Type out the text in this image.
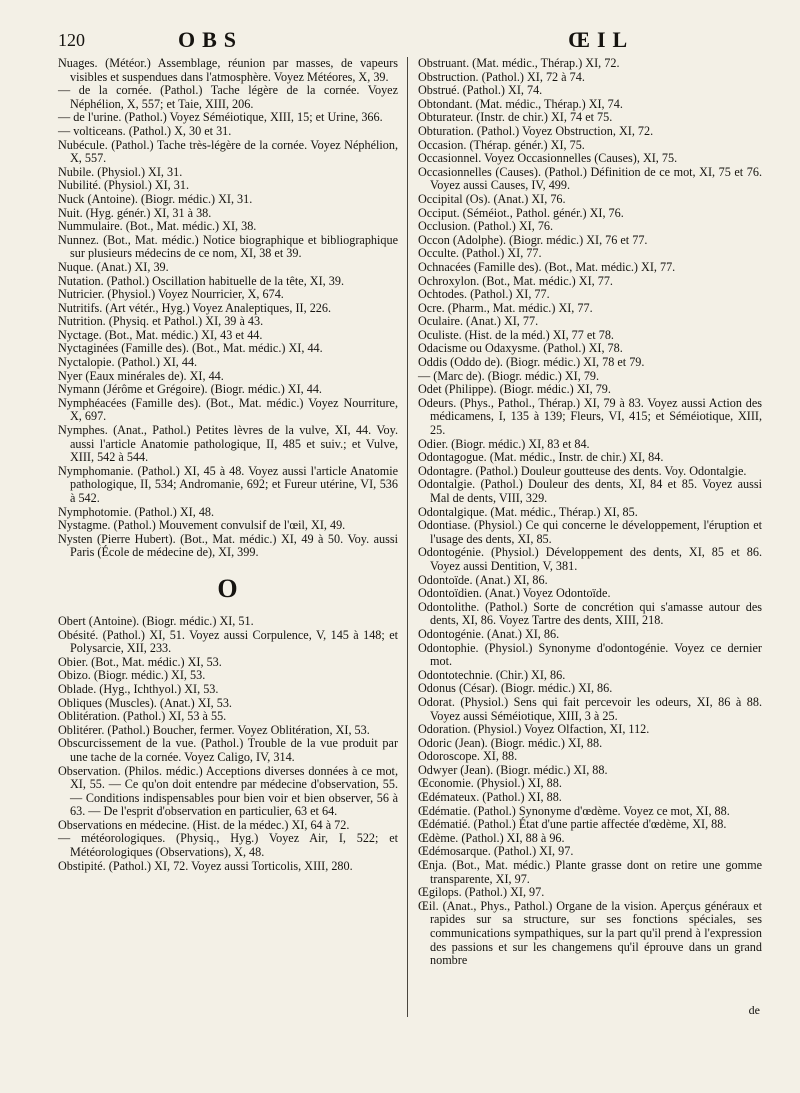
120	OBS	ŒIL

Nuages. (Météor.) Assemblage, réunion par masses, de vapeurs visibles et suspendues dans l'atmosphère. Voyez Météores, X, 39.

— de la cornée. (Pathol.) Tache légère de la cornée. Voyez Néphélion, X, 557; et Taie, XIII, 206.

— de l'urine. (Pathol.) Voyez Séméiotique, XIII, 15; et Urine, 366.

— volticeans. (Pathol.) X, 30 et 31.

Nubécule. (Pathol.) Tache très-légère de la cornée. Voyez Néphélion, X, 557.

Nubile. (Physiol.) XI, 31.

Nubilité. (Physiol.) XI, 31.

Nuck (Antoine). (Biogr. médic.) XI, 31.

Nuit. (Hyg. génér.) XI, 31 à 38.

Nummulaire. (Bot., Mat. médic.) XI, 38.

Nunnez. (Bot., Mat. médic.) Notice biographique et bibliographique sur plusieurs médecins de ce nom, XI, 38 et 39.

Nuque. (Anat.) XI, 39.

Nutation. (Pathol.) Oscillation habituelle de la tête, XI, 39.

Nutricier. (Physiol.) Voyez Nourricier, X, 674.

Nutritifs. (Art vétér., Hyg.) Voyez Analeptiques, II, 226.

Nutrition. (Physiq. et Pathol.) XI, 39 à 43.

Nyctage. (Bot., Mat. médic.) XI, 43 et 44.

Nyctaginées (Famille des). (Bot., Mat. médic.) XI, 44.

Nyctalopie. (Pathol.) XI, 44.

Nyer (Eaux minérales de). XI, 44.

Nymann (Jérôme et Grégoire). (Biogr. médic.) XI, 44.

Nymphéacées (Famille des). (Bot., Mat. médic.) Voyez Nourriture, X, 697.

Nymphes. (Anat., Pathol.) Petites lèvres de la vulve, XI, 44. Voy. aussi l'article Anatomie pathologique, II, 485 et suiv.; et Vulve, XIII, 542 à 544.

Nymphomanie. (Pathol.) XI, 45 à 48. Voyez aussi l'article Anatomie pathologique, II, 534; Andromanie, 692; et Fureur utérine, VI, 536 à 542.

Nymphotomie. (Pathol.) XI, 48.

Nystagme. (Pathol.) Mouvement convulsif de l'œil, XI, 49.

Nysten (Pierre Hubert). (Bot., Mat. médic.) XI, 49 à 50. Voy. aussi Paris (École de médecine de), XI, 399.

O

Obert (Antoine). (Biogr. médic.) XI, 51.

Obésité. (Pathol.) XI, 51. Voyez aussi Corpulence, V, 145 à 148; et Polysarcie, XII, 233.

Obier. (Bot., Mat. médic.) XI, 53.

Obizo. (Biogr. médic.) XI, 53.

Oblade. (Hyg., Ichthyol.) XI, 53.

Obliques (Muscles). (Anat.) XI, 53.

Oblitération. (Pathol.) XI, 53 à 55.

Oblitérer. (Pathol.) Boucher, fermer. Voyez Oblitération, XI, 53.

Obscurcissement de la vue. (Pathol.) Trouble de la vue produit par une tache de la cornée. Voyez Caligo, IV, 314.

Observation. (Philos. médic.) Acceptions diverses données à ce mot, XI, 55. — Ce qu'on doit entendre par médecine d'observation, 55. — Conditions indispensables pour bien voir et bien observer, 56 à 63. — De l'esprit d'observation en particulier, 63 et 64.

Observations en médecine. (Hist. de la médec.) XI, 64 à 72.

— météorologiques. (Physiq., Hyg.) Voyez Air, I, 522; et Météorologiques (Observations), X, 48.

Obstipité. (Pathol.) XI, 72. Voyez aussi Torticolis, XIII, 280.

Obstruant. (Mat. médic., Thérap.) XI, 72.

Obstruction. (Pathol.) XI, 72 à 74.

Obstrué. (Pathol.) XI, 74.

Obtondant. (Mat. médic., Thérap.) XI, 74.

Obturateur. (Instr. de chir.) XI, 74 et 75.

Obturation. (Pathol.) Voyez Obstruction, XI, 72.

Occasion. (Thérap. génér.) XI, 75.

Occasionnel. Voyez Occasionnelles (Causes), XI, 75.

Occasionnelles (Causes). (Pathol.) Définition de ce mot, XI, 75 et 76. Voyez aussi Causes, IV, 499.

Occipital (Os). (Anat.) XI, 76.

Occiput. (Séméiot., Pathol. génér.) XI, 76.

Occlusion. (Pathol.) XI, 76.

Occon (Adolphe). (Biogr. médic.) XI, 76 et 77.

Occulte. (Pathol.) XI, 77.

Ochnacées (Famille des). (Bot., Mat. médic.) XI, 77.

Ochroxylon. (Bot., Mat. médic.) XI, 77.

Ochtodes. (Pathol.) XI, 77.

Ocre. (Pharm., Mat. médic.) XI, 77.

Oculaire. (Anat.) XI, 77.

Oculiste. (Hist. de la méd.) XI, 77 et 78.

Odacisme ou Odaxysme. (Pathol.) XI, 78.

Oddis (Oddo de). (Biogr. médic.) XI, 78 et 79.

— (Marc de). (Biogr. médic.) XI, 79.

Odet (Philippe). (Biogr. médic.) XI, 79.

Odeurs. (Phys., Pathol., Thérap.) XI, 79 à 83. Voyez aussi Action des médicamens, I, 135 à 139; Fleurs, VI, 415; et Séméiotique, XIII, 25.

Odier. (Biogr. médic.) XI, 83 et 84.

Odontagogue. (Mat. médic., Instr. de chir.) XI, 84.

Odontagre. (Pathol.) Douleur goutteuse des dents. Voy. Odontalgie.

Odontalgie. (Pathol.) Douleur des dents, XI, 84 et 85. Voyez aussi Mal de dents, VIII, 329.

Odontalgique. (Mat. médic., Thérap.) XI, 85.

Odontiase. (Physiol.) Ce qui concerne le développement, l'éruption et l'usage des dents, XI, 85.

Odontogénie. (Physiol.) Développement des dents, XI, 85 et 86. Voyez aussi Dentition, V, 381.

Odontoïde. (Anat.) XI, 86.

Odontoïdien. (Anat.) Voyez Odontoïde.

Odontolithe. (Pathol.) Sorte de concrétion qui s'amasse autour des dents, XI, 86. Voyez Tartre des dents, XIII, 218.

Odontogénie. (Anat.) XI, 86.

Odontophie. (Physiol.) Synonyme d'odontogénie. Voyez ce dernier mot.

Odontotechnie. (Chir.) XI, 86.

Odonus (César). (Biogr. médic.) XI, 86.

Odorat. (Physiol.) Sens qui fait percevoir les odeurs, XI, 86 à 88. Voyez aussi Séméiotique, XIII, 3 à 25.

Odoration. (Physiol.) Voyez Olfaction, XI, 112.

Odoric (Jean). (Biogr. médic.) XI, 88.

Odoroscope. XI, 88.

Odwyer (Jean). (Biogr. médic.) XI, 88.

Œconomie. (Physiol.) XI, 88.

Œdémateux. (Pathol.) XI, 88.

Œdématie. (Pathol.) Synonyme d'œdème. Voyez ce mot, XI, 88.

Œdématié. (Pathol.) État d'une partie affectée d'œdème, XI, 88.

Œdème. (Pathol.) XI, 88 à 96.

Œdémosarque. (Pathol.) XI, 97.

Œnja. (Bot., Mat. médic.) Plante grasse dont on retire une gomme transparente, XI, 97.

Œgilops. (Pathol.) XI, 97.

Œil. (Anat., Phys., Pathol.) Organe de la vision. Aperçus généraux et rapides sur sa structure, sur ses fonctions spéciales, ses communications sympathiques, sur la part qu'il prend à l'expression des passions et sur les changemens qu'il éprouve dans un grand nombre

de
